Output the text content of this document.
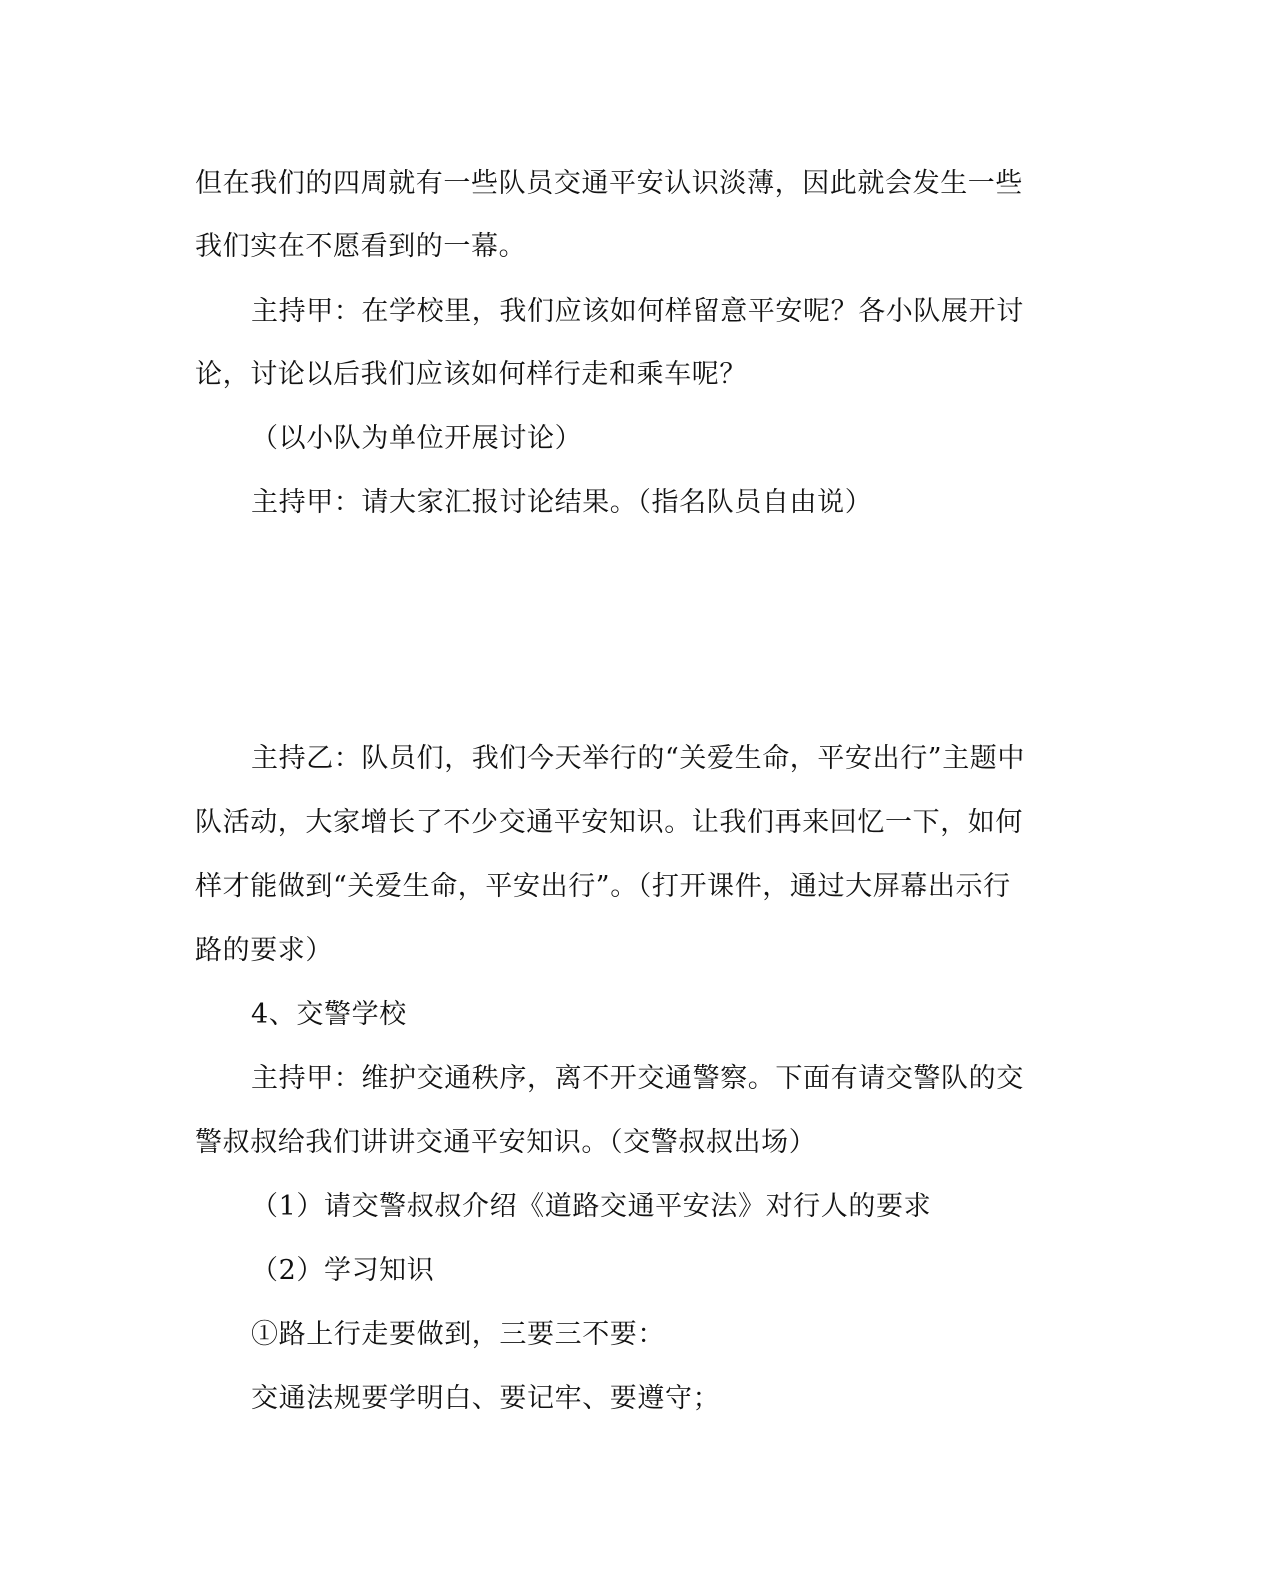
但在我们的四周就有一些队员交通平安认识淡薄，因此就会发生一些
我们实在不愿看到的一幕。
主持甲：在学校里，我们应该如何样留意平安呢？各小队展开讨
论，讨论以后我们应该如何样行走和乘车呢？
（以小队为单位开展讨论）
主持甲：请大家汇报讨论结果。（指名队员自由说）
主持乙：队员们，我们今天举行的“关爱生命，平安出行”主题中
队活动，大家增长了不少交通平安知识。让我们再来回忆一下，如何
样才能做到“关爱生命，平安出行”。（打开课件，通过大屏幕出示行
路的要求）
4、交警学校
主持甲：维护交通秩序，离不开交通警察。下面有请交警队的交
警叔叔给我们讲讲交通平安知识。（交警叔叔出场）
（1）请交警叔叔介绍《道路交通平安法》对行人的要求
（2）学习知识
①路上行走要做到，三要三不要：
交通法规要学明白、要记牢、要遵守；
